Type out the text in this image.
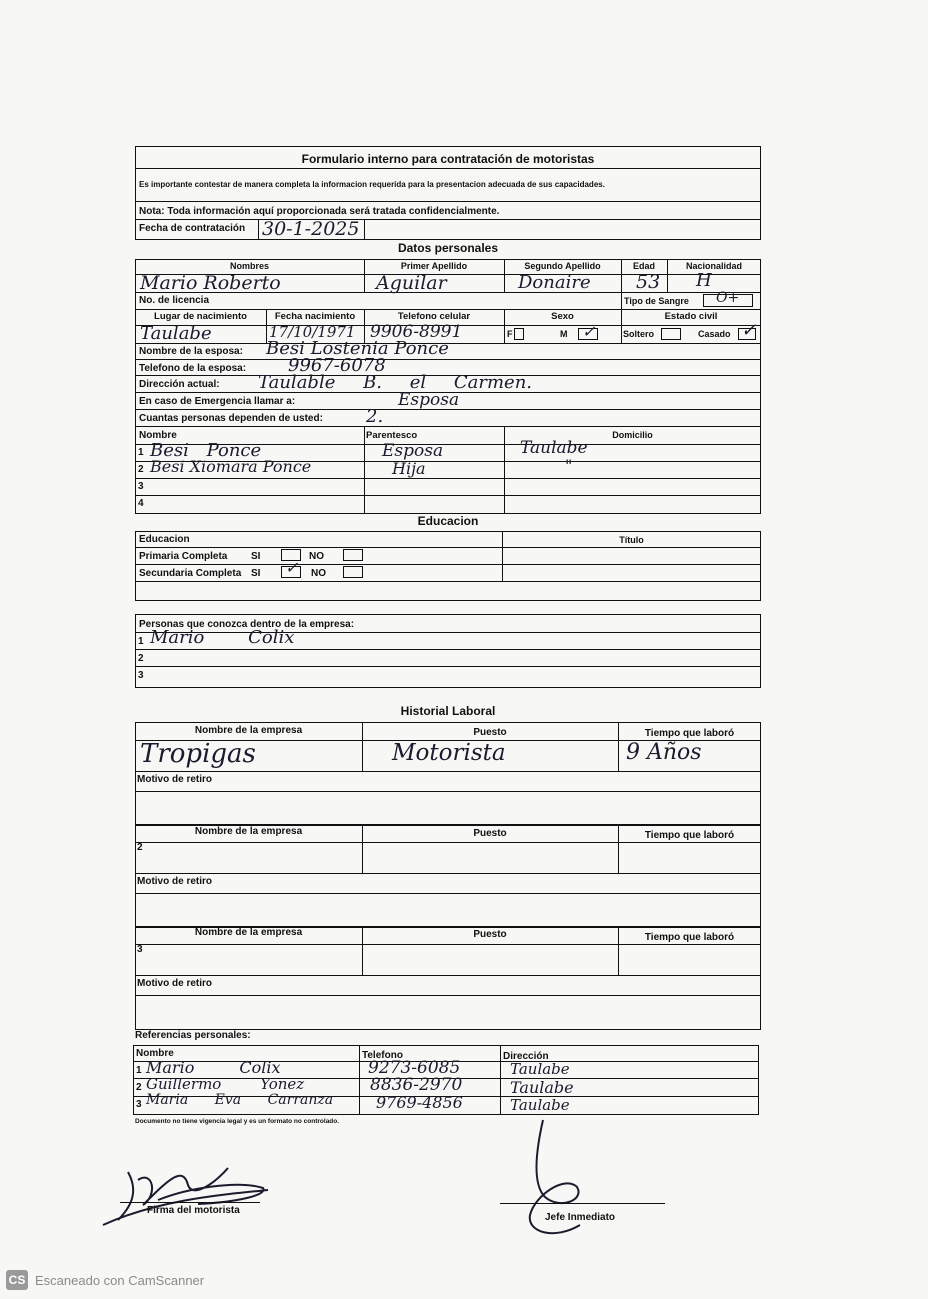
Formulario interno para contratación de motoristas
Es importante contestar de manera completa la informacion requerida para la presentacion adecuada de sus capacidades.
Nota: Toda información aquí proporcionada será tratada confidencialmente.
Fecha de contratación 30-1-2025
Datos personales
Nombres	Primer Apellido	Segundo Apellido	Edad	Nacionalidad
Mario Roberto	Aguilar	Donaire 53 H
No. de licencia	Tipo de Sangre O+
Lugar de nacimiento	Fecha nacimiento	Telefono celular	Sexo	Estado civil
Taulabe	17/10/1971 9906-8991	F	M ✓	Soltero	Casado ✓
Nombre de la esposa: Besi Lostenia Ponce
Telefono de la esposa: 9967-6078
Dirección actual: Taulable B. el Carmen.
En caso de Emergencia llamar a:	Esposa
Cuantas personas dependen de usted: 2.
Nombre	Parentesco	Domicilio
1 Besi Ponce	Esposa	Taulabe
2 Besi Xiomara Ponce	Hija	"
3
4
Educacion
Educacion	Título
Primaria Completa SI	NO
Secundaria Completa SI ✓ NO
Personas que conozca dentro de la empresa:
1 Mario Colix
2
3
Historial Laboral
Nombre de la empresa	Puesto	Tiempo que laboró
Tropigas	Motorista	9 Años
Motivo de retiro
Nombre de la empresa	Puesto	Tiempo que laboró
2
Motivo de retiro
Nombre de la empresa	Puesto	Tiempo que laboró
3
Motivo de retiro
Referencias personales:
Nombre	Telefono	Dirección
1 Mario Colix	9273-6085	Taulabe
2 Guillermo Yonez	8836-2970	Taulabe
3 Maria Eva Carranza	9769-4856	Taulabe
Documento no tiene vigencia legal y es un formato no controlado.
Firma del motorista
Jefe Inmediato
CS Escaneado con CamScanner
